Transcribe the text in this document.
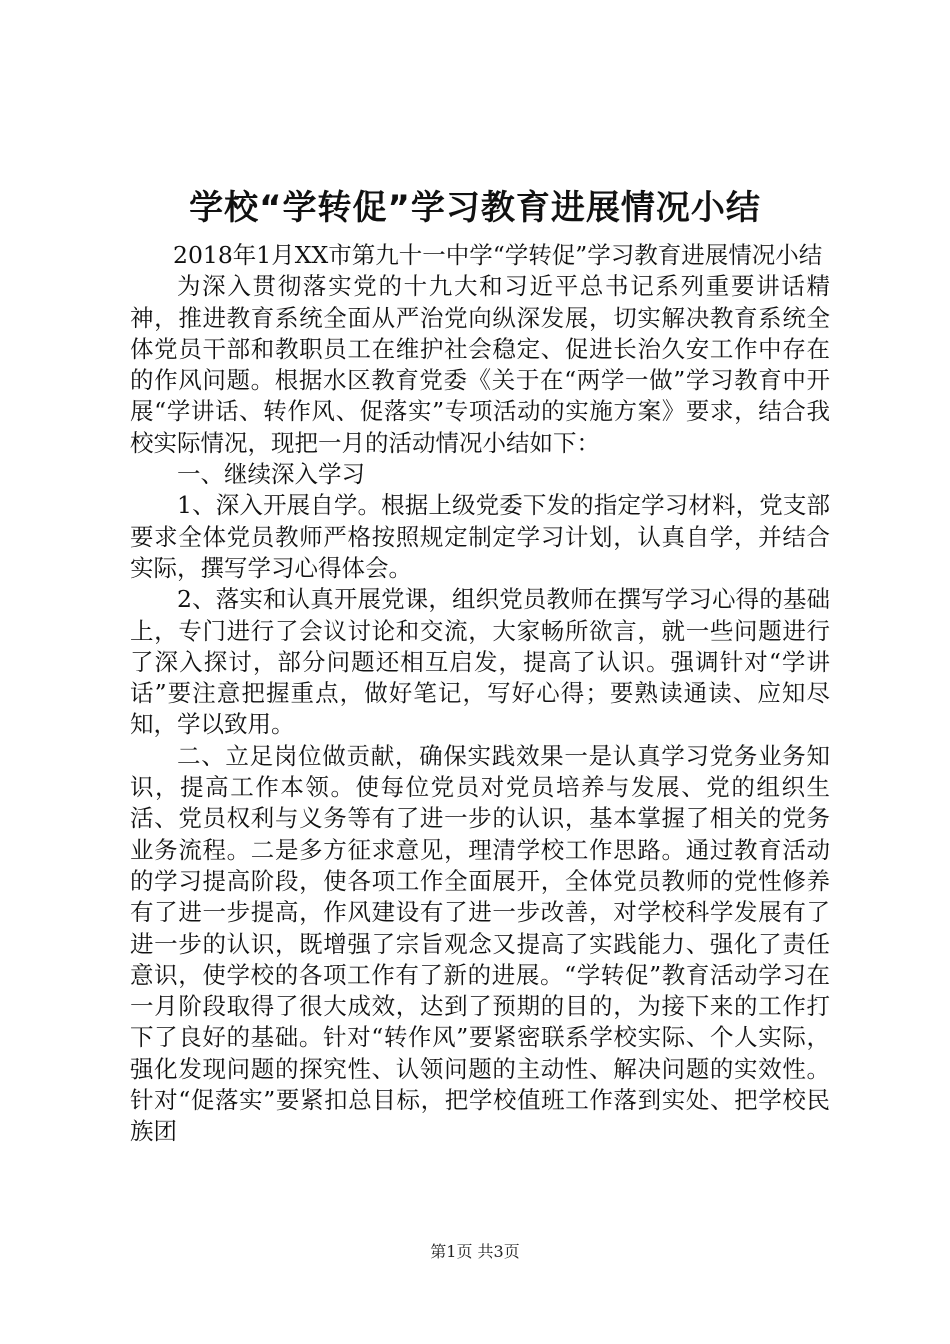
学校“学转促”学习教育进展情况小结

2018年1月XX市第九十一中学“学转促”学习教育进展情况小结

为深入贯彻落实党的十九大和习近平总书记系列重要讲话精神，推进教育系统全面从严治党向纵深发展，切实解决教育系统全体党员干部和教职员工在维护社会稳定、促进长治久安工作中存在的作风问题。根据水区教育党委《关于在“两学一做”学习教育中开展“学讲话、转作风、促落实”专项活动的实施方案》要求，结合我校实际情况，现把一月的活动情况小结如下：

一、继续深入学习

1、深入开展自学。根据上级党委下发的指定学习材料，党支部要求全体党员教师严格按照规定制定学习计划，认真自学，并结合实际，撰写学习心得体会。

2、落实和认真开展党课，组织党员教师在撰写学习心得的基础上，专门进行了会议讨论和交流，大家畅所欲言，就一些问题进行了深入探讨，部分问题还相互启发，提高了认识。强调针对“学讲话”要注意把握重点，做好笔记，写好心得；要熟读通读、应知尽知，学以致用。

二、立足岗位做贡献，确保实践效果一是认真学习党务业务知识，提高工作本领。使每位党员对党员培养与发展、党的组织生活、党员权利与义务等有了进一步的认识，基本掌握了相关的党务业务流程。二是多方征求意见，理清学校工作思路。通过教育活动的学习提高阶段，使各项工作全面展开，全体党员教师的党性修养有了进一步提高，作风建设有了进一步改善，对学校科学发展有了进一步的认识，既增强了宗旨观念又提高了实践能力、强化了责任意识，使学校的各项工作有了新的进展。“学转促”教育活动学习在一月阶段取得了很大成效，达到了预期的目的，为接下来的工作打下了良好的基础。针对“转作风”要紧密联系学校实际、个人实际，强化发现问题的探究性、认领问题的主动性、解决问题的实效性。针对“促落实”要紧扣总目标，把学校值班工作落到实处、把学校民族团

第1页 共3页
